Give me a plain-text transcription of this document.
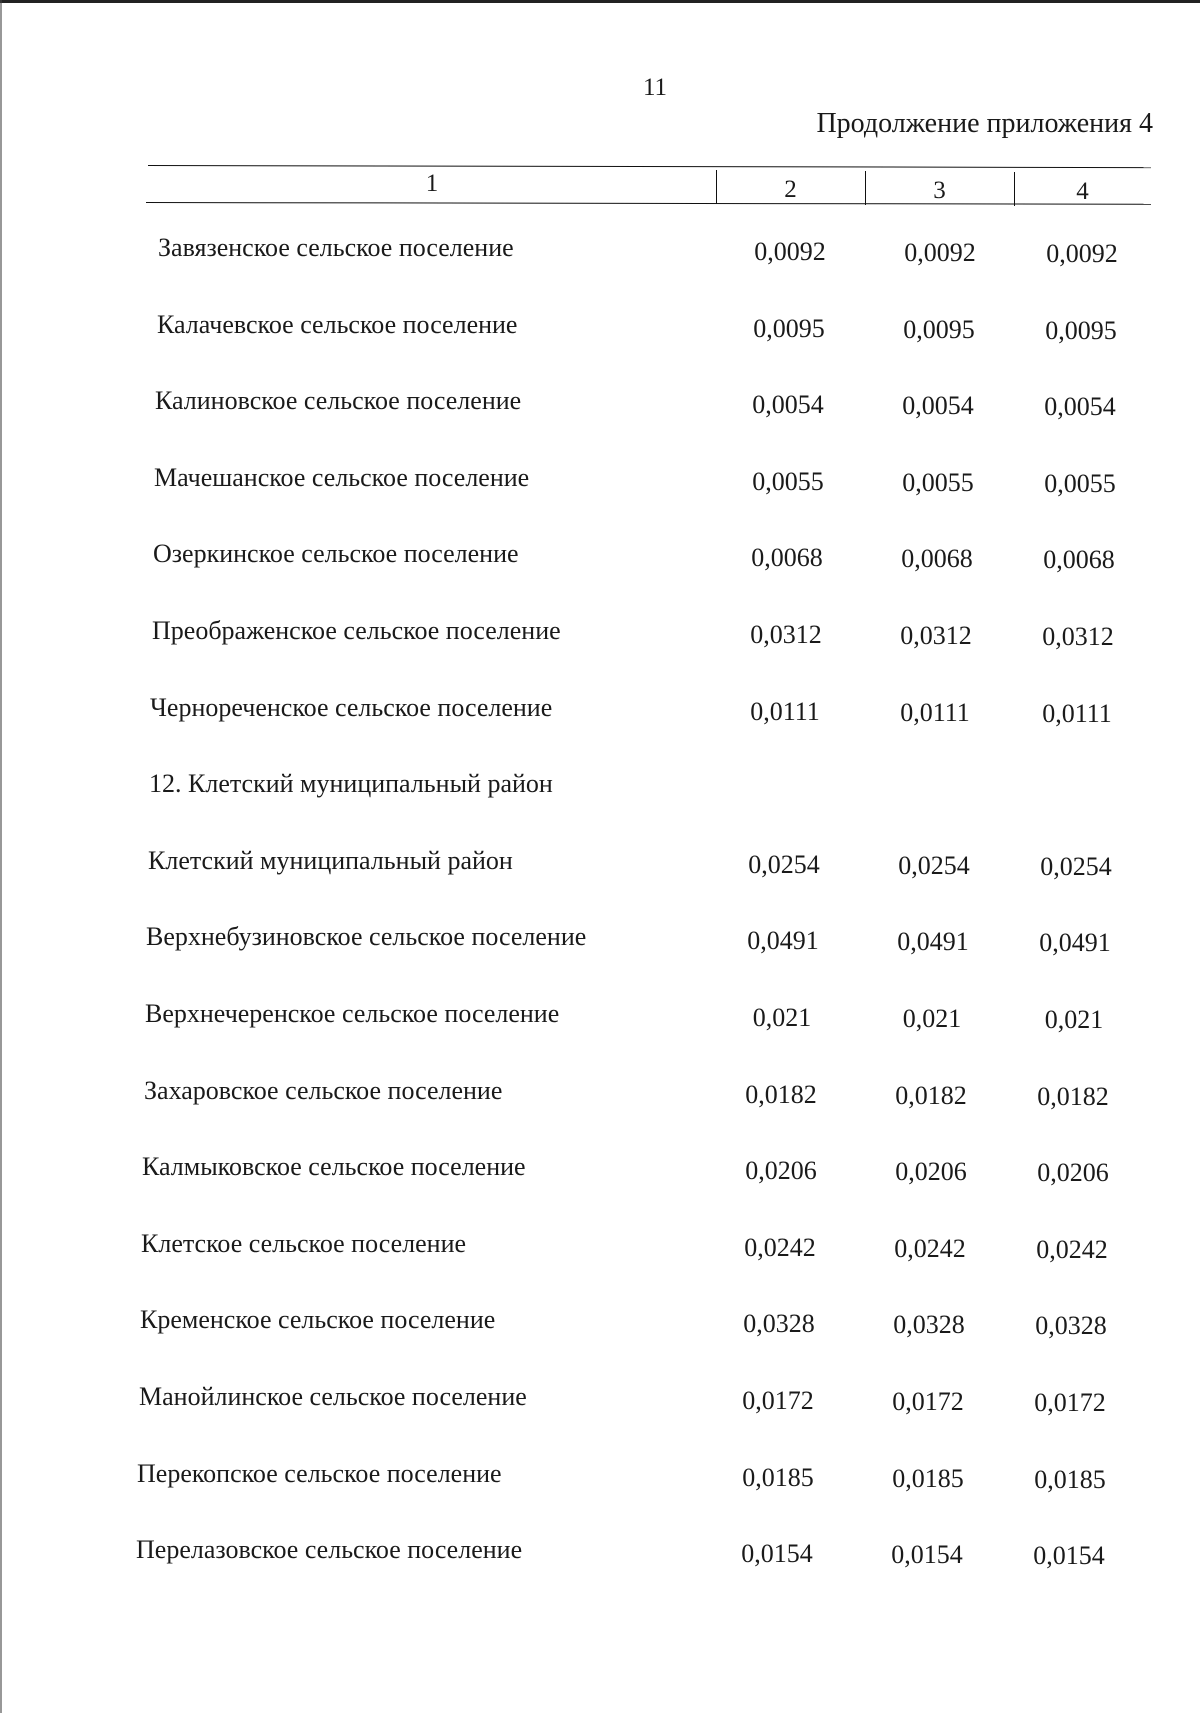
11
Продолжение приложения 4
1	2	3	4
Завязенское сельское поселение	0,0092	0,0092	0,0092
Калачевское сельское поселение	0,0095	0,0095	0,0095
Калиновское сельское поселение	0,0054	0,0054	0,0054
Мачешанское сельское поселение	0,0055	0,0055	0,0055
Озеркинское сельское поселение	0,0068	0,0068	0,0068
Преображенское сельское поселение	0,0312	0,0312	0,0312
Чернореченское сельское поселение	0,0111	0,0111	0,0111
12. Клетский муниципальный район
Клетский муниципальный район	0,0254	0,0254	0,0254
Верхнебузиновское сельское поселение	0,0491	0,0491	0,0491
Верхнечеренское сельское поселение	0,021	0,021	0,021
Захаровское сельское поселение	0,0182	0,0182	0,0182
Калмыковское сельское поселение	0,0206	0,0206	0,0206
Клетское сельское поселение	0,0242	0,0242	0,0242
Кременское сельское поселение	0,0328	0,0328	0,0328
Манойлинское сельское поселение	0,0172	0,0172	0,0172
Перекопское сельское поселение	0,0185	0,0185	0,0185
Перелазовское сельское поселение	0,0154	0,0154	0,0154
